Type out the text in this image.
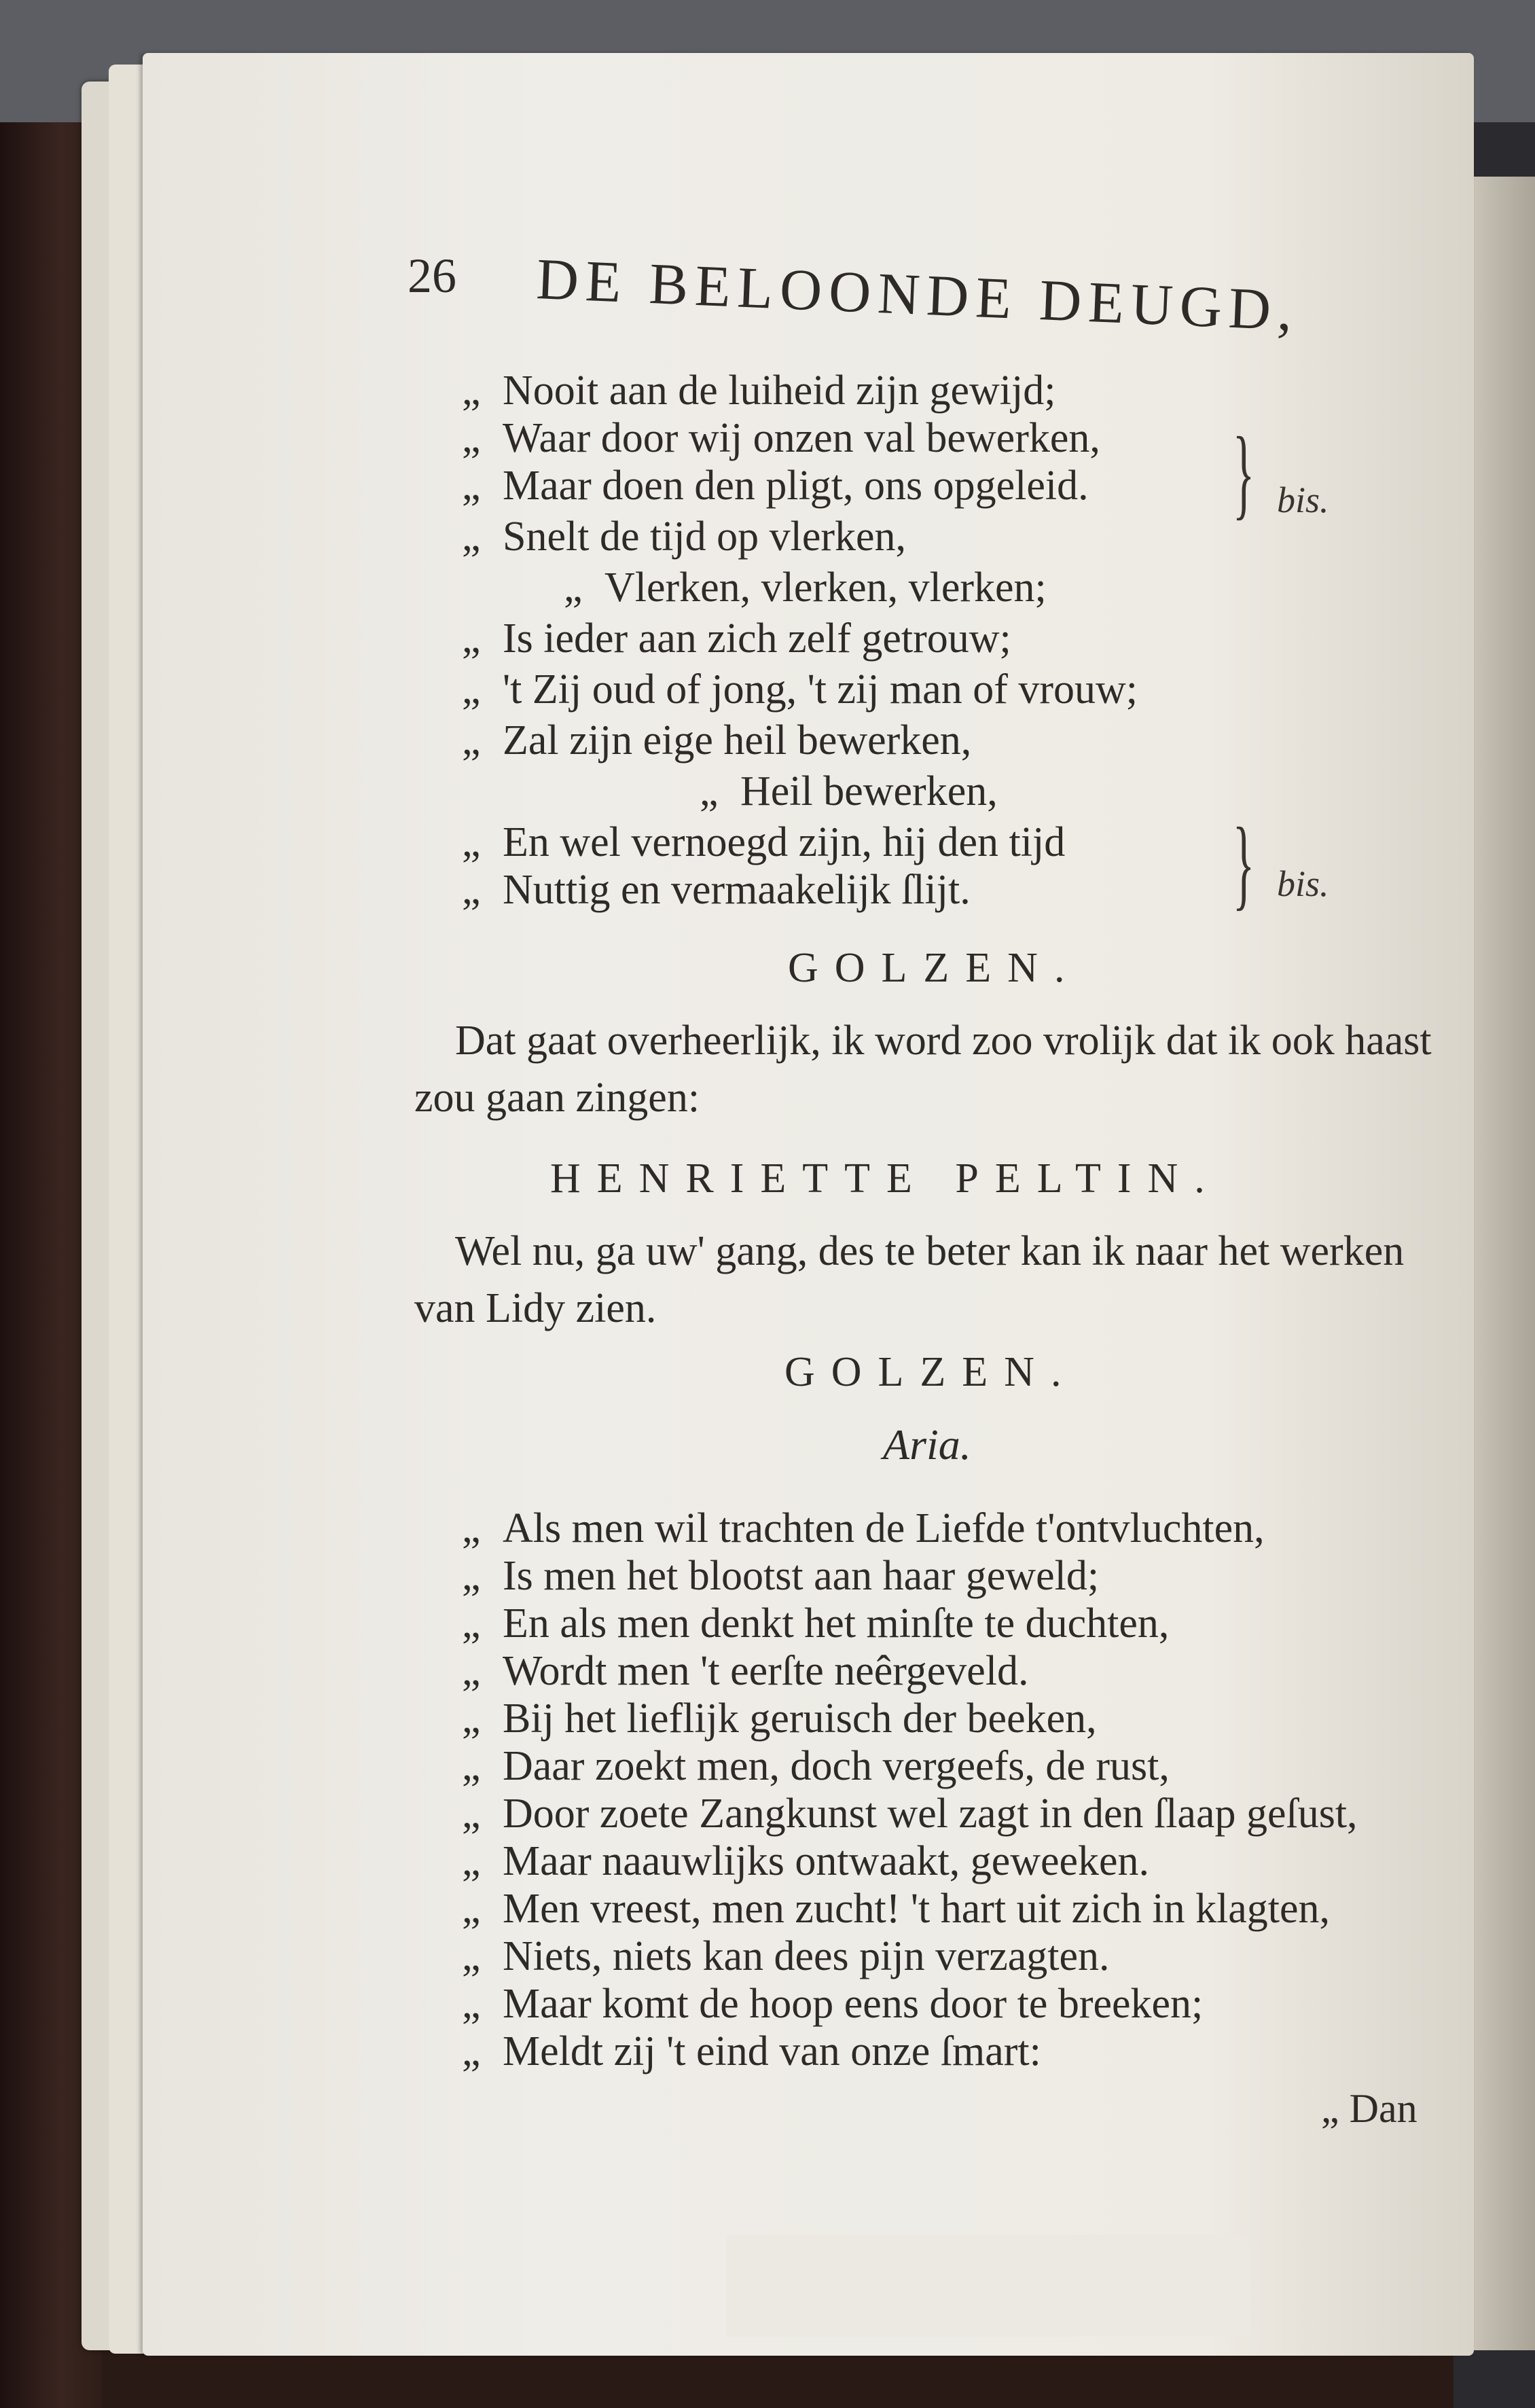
26 DE BELOONDE DEUGD,
„ Nooit aan de luiheid zijn gewijd;
„ Waar door wij onzen val bewerken,
„ Maar doen den pligt, ons opgeleid.
„ Snelt de tijd op vlerken,
„ Vlerken, vlerken, vlerken;
„ Is ieder aan zich zelf getrouw;
„ 't Zij oud of jong, 't zij man of vrouw;
„ Zal zijn eige heil bewerken,
„ Heil bewerken,
„ En wel vernoegd zijn, hij den tijd
„ Nuttig en vermaakelijk ſlijt.
} bis.
} bis.
GOLZEN.
Dat gaat overheerlijk, ik word zoo vrolijk dat ik ook haast zou gaan zingen:
HENRIETTE PELTIN.
Wel nu, ga uw' gang, des te beter kan ik naar het werken van Lidy zien.
GOLZEN.
Aria.
„ Als men wil trachten de Liefde t'ontvluchten,
„ Is men het blootst aan haar geweld;
„ En als men denkt het minſte te duchten,
„ Wordt men 't eerſte neêrgeveld.
„ Bij het lieflijk geruisch der beeken,
„ Daar zoekt men, doch vergeefs, de rust,
„ Door zoete Zangkunst wel zagt in den ſlaap geſust,
„ Maar naauwlijks ontwaakt, geweeken.
„ Men vreest, men zucht! 't hart uit zich in klagten,
„ Niets, niets kan dees pijn verzagten.
„ Maar komt de hoop eens door te breeken;
„ Meldt zij 't eind van onze ſmart:
„ Dan
